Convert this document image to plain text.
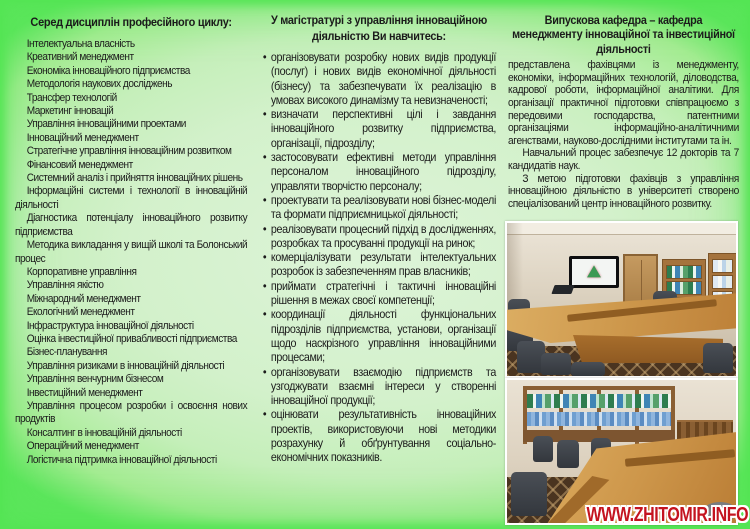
Серед дисциплін професійного циклу:

Інтелектуальна власність

Креативний менеджмент

Економіка інноваційного підприємства

Методологія наукових досліджень

Трансфер технологій

Маркетинг інновацій

Управління інноваційними проектами

Інноваційний менеджмент

Стратегічне управління інноваційним розвитком

Фінансовий менеджмент

Системний аналіз і прийняття інноваційних рішень

Інформаційні системи і технології в інноваційній діяльності

Діагностика потенціалу інноваційного розвитку підприємства

Методика викладання у вищій школі та Болонський процес

Корпоративне управління

Управління якістю

Міжнародний менеджмент

Екологічний менеджмент

Інфраструктура інноваційної діяльності

Оцінка інвестиційної привабливості підприємства

Бізнес-планування

Управління ризиками в інноваційній діяльності

Управління венчурним бізнесом

Інвестиційний менеджмент

Управління процесом розробки і освоєння нових продуктів

Консалтинг в інноваційній діяльності

Операційний менеджмент

Логістична підтримка інноваційної діяльності

У магістратурі з управління інноваційною діяльністю Ви навчитесь:

• організовувати розробку нових видів продукції (послуг) і нових видів економічної діяльності (бізнесу) та забезпечувати їх реалізацію в умовах високого динамізму та невизначеності;

• визначати перспективні цілі і завдання інноваційного розвитку підприємства, організації, підрозділу;

• застосовувати ефективні методи управління персоналом інноваційного підрозділу, управляти творчістю персоналу;

• проектувати та реалізовувати нові бізнес-моделі та формати підприємницької діяльності;

• реалізовувати процесний підхід в дослідженнях, розробках та просуванні продукції на ринок;

• комерціалізувати результати інтелектуальних розробок із забезпеченням прав власників;

• приймати стратегічні і тактичні інноваційні рішення в межах своєї компетенції;

• координації діяльності функціональних підрозділів підприємства, установи, організації щодо наскрізного управління інноваційними процесами;

• організовувати взаємодію підприємств та узгоджувати взаємні інтереси у створенні інноваційної продукції;

• оцінювати результативність інноваційних проектів, використовуючи нові методики розрахунку й обґрунтування соціально-економічних показників.

Випускова кафедра – кафедра менеджменту інноваційної та інвестиційної діяльності

представлена фахівцями із менеджменту, економіки, інформаційних технологій, діловодства, кадрової роботи, інформаційної аналітики. Для організації практичної підготовки співпрацюємо з передовими господарства, патентними організаціями інформаційно-аналітичними агенствами, науково-дослідними інститутами та ін.

Навчальний процес забезпечує 12 докторів та 7 кандидатів наук.

З метою підготовки фахівців з управління інноваційною діяльністю в університеті створено спеціалізований центр інноваційного розвитку.

WWW.ZHITOMIR.INFO
